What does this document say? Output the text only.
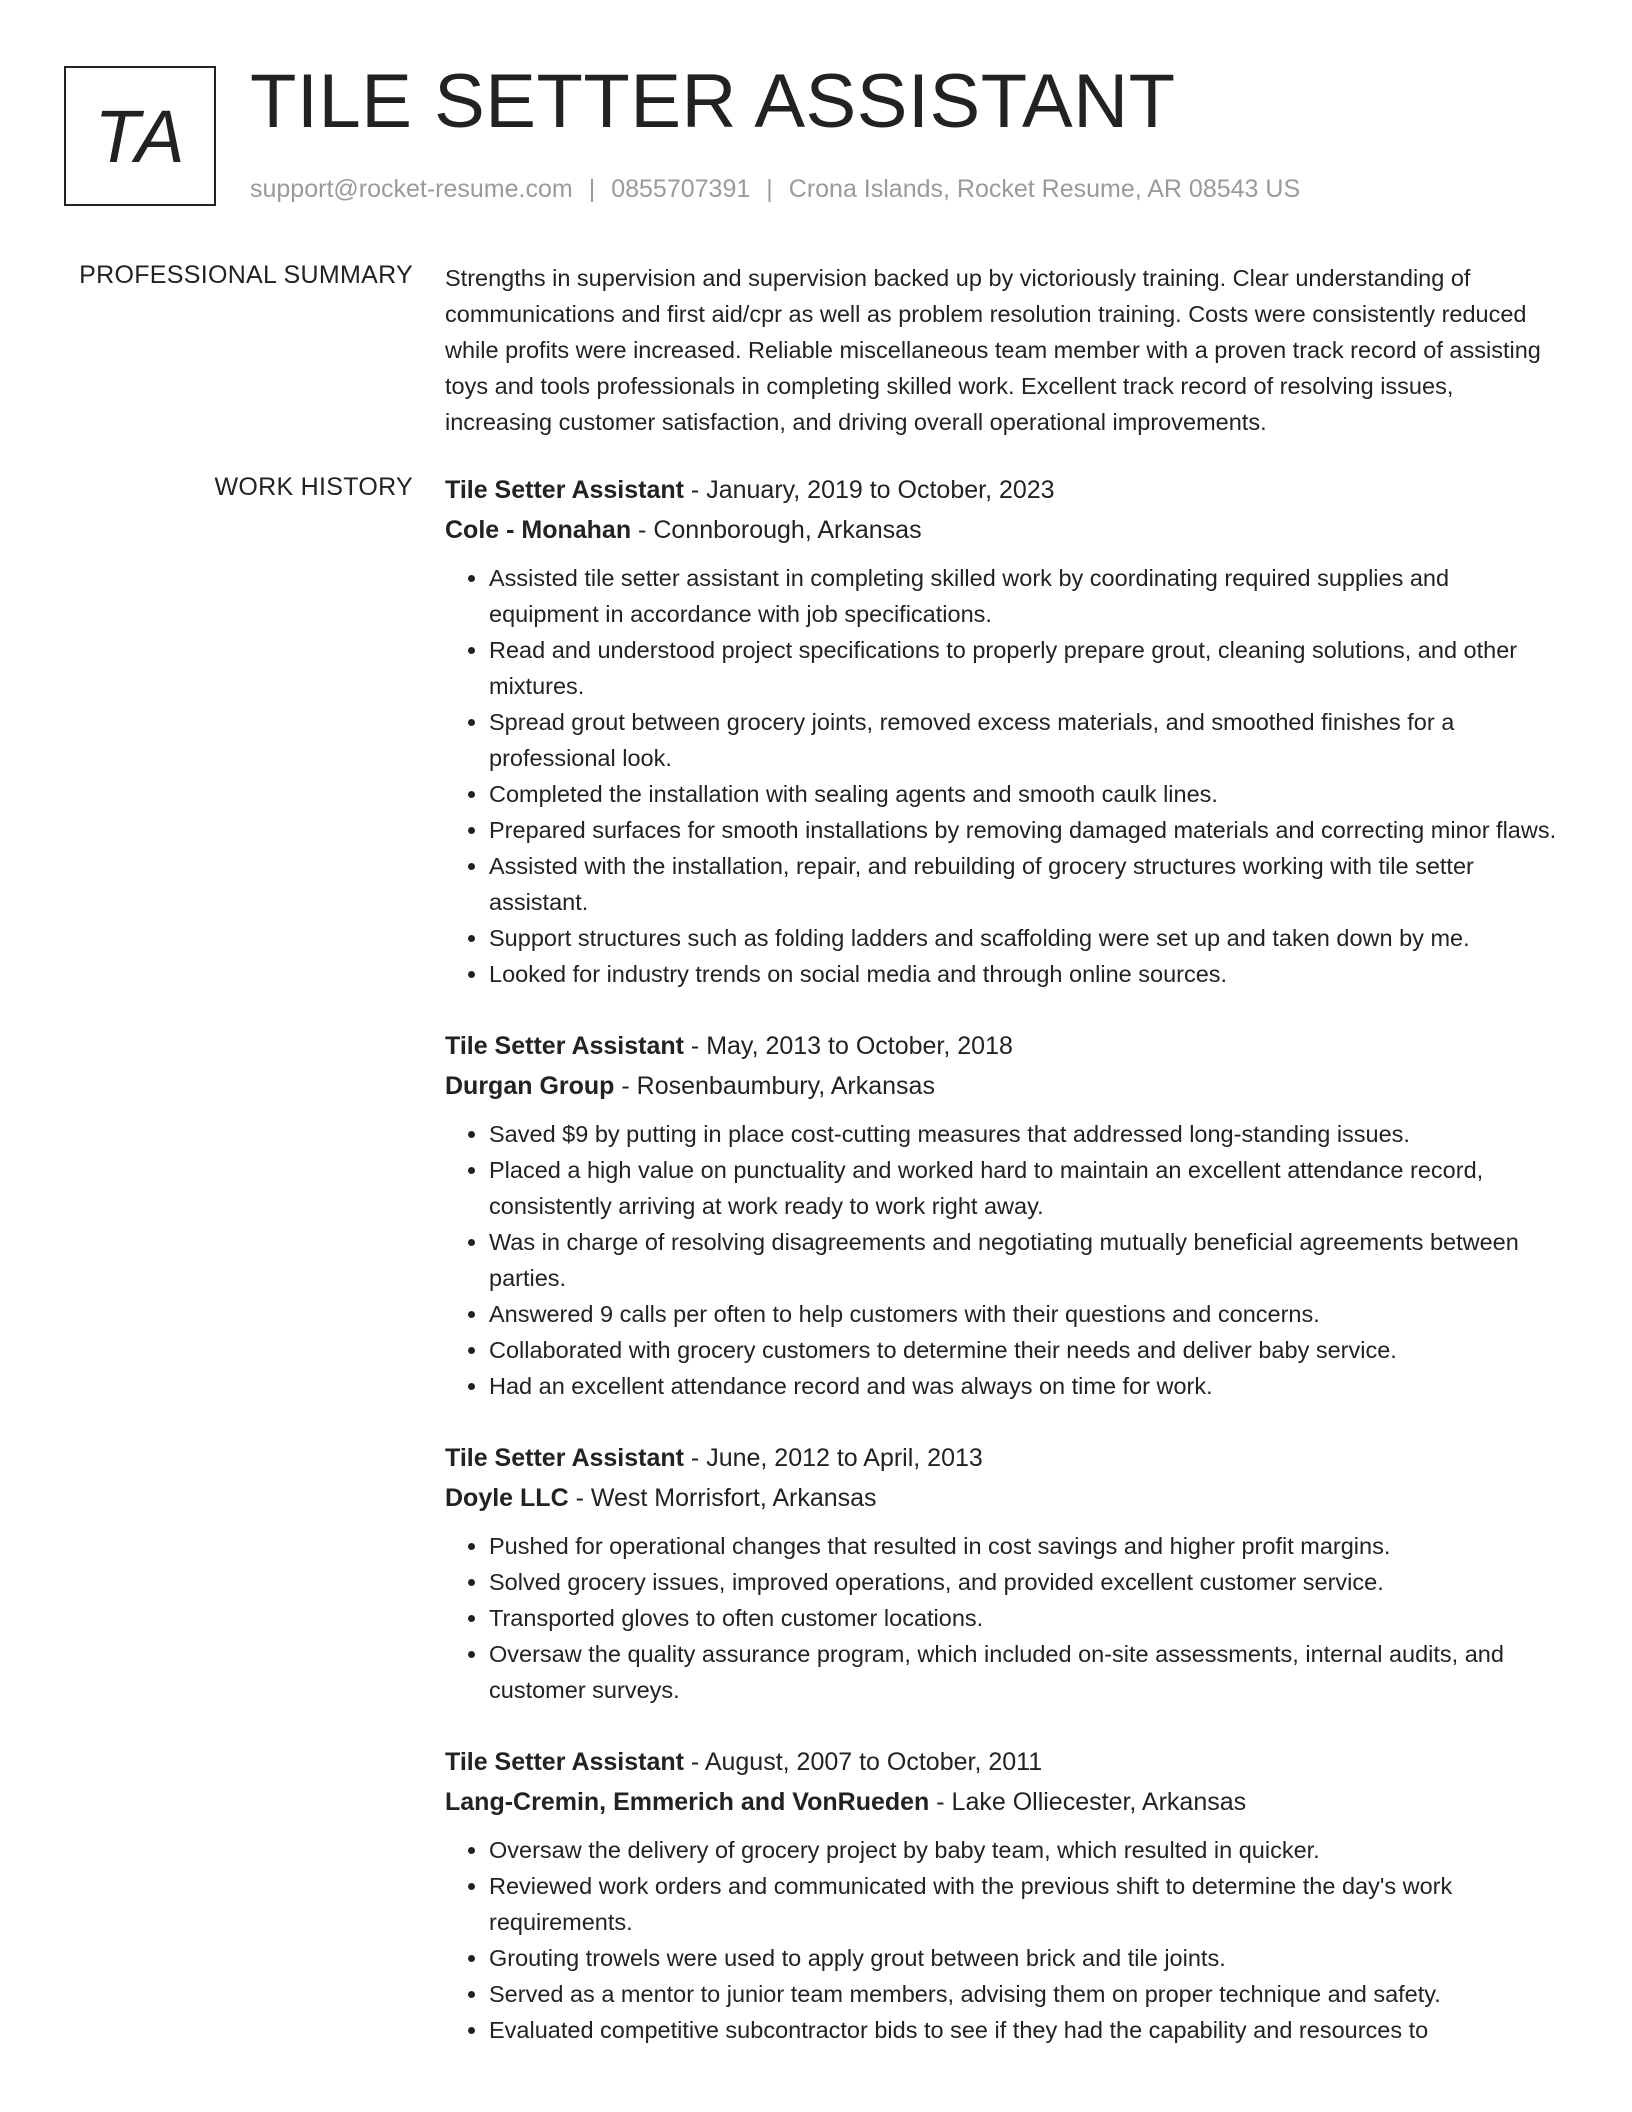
TA TILE SETTER ASSISTANT
support@rocket-resume.com | 0855707391 | Crona Islands, Rocket Resume, AR 08543 US
PROFESSIONAL SUMMARY Strengths in supervision and supervision backed up by victoriously training. Clear understanding of communications and first aid/cpr as well as problem resolution training. Costs were consistently reduced while profits were increased. Reliable miscellaneous team member with a proven track record of assisting toys and tools professionals in completing skilled work. Excellent track record of resolving issues, increasing customer satisfaction, and driving overall operational improvements.

WORK HISTORY Tile Setter Assistant - January, 2019 to October, 2023
Cole - Monahan - Connborough, Arkansas
• Assisted tile setter assistant in completing skilled work by coordinating required supplies and equipment in accordance with job specifications.
• Read and understood project specifications to properly prepare grout, cleaning solutions, and other mixtures.
• Spread grout between grocery joints, removed excess materials, and smoothed finishes for a professional look.
• Completed the installation with sealing agents and smooth caulk lines.
• Prepared surfaces for smooth installations by removing damaged materials and correcting minor flaws.
• Assisted with the installation, repair, and rebuilding of grocery structures working with tile setter assistant.
• Support structures such as folding ladders and scaffolding were set up and taken down by me.
• Looked for industry trends on social media and through online sources.
Tile Setter Assistant - May, 2013 to October, 2018
Durgan Group - Rosenbaumbury, Arkansas
• Saved $9 by putting in place cost-cutting measures that addressed long-standing issues.
• Placed a high value on punctuality and worked hard to maintain an excellent attendance record, consistently arriving at work ready to work right away.
• Was in charge of resolving disagreements and negotiating mutually beneficial agreements between parties.
• Answered 9 calls per often to help customers with their questions and concerns.
• Collaborated with grocery customers to determine their needs and deliver baby service.
• Had an excellent attendance record and was always on time for work.
Tile Setter Assistant - June, 2012 to April, 2013
Doyle LLC - West Morrisfort, Arkansas
• Pushed for operational changes that resulted in cost savings and higher profit margins.
• Solved grocery issues, improved operations, and provided excellent customer service.
• Transported gloves to often customer locations.
• Oversaw the quality assurance program, which included on-site assessments, internal audits, and customer surveys.
Tile Setter Assistant - August, 2007 to October, 2011
Lang-Cremin, Emmerich and VonRueden - Lake Olliecester, Arkansas
• Oversaw the delivery of grocery project by baby team, which resulted in quicker.
• Reviewed work orders and communicated with the previous shift to determine the day's work requirements.
• Grouting trowels were used to apply grout between brick and tile joints.
• Served as a mentor to junior team members, advising them on proper technique and safety.
• Evaluated competitive subcontractor bids to see if they had the capability and resources to
